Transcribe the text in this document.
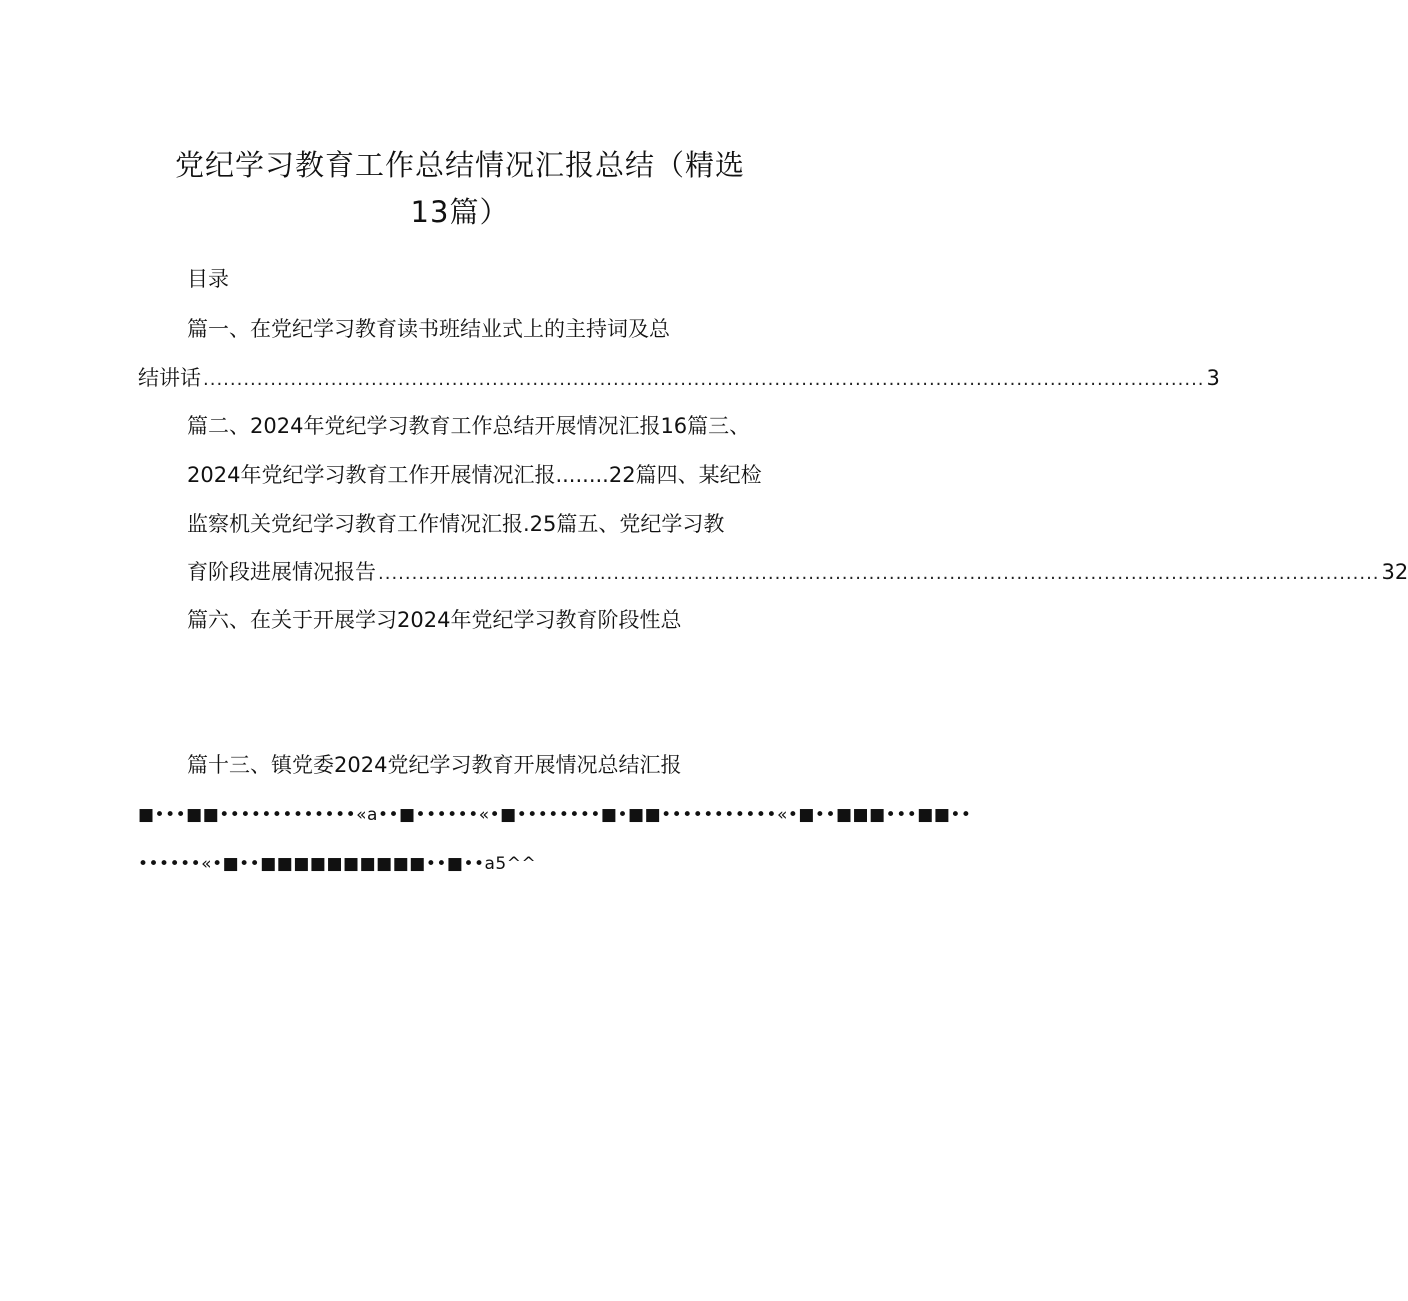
党纪学习教育工作总结情况汇报总结（精选
13篇）
目录
篇一、在党纪学习教育读书班结业式上的主持词及总
结讲话 ..................................................................................................................................................... 3
篇二、2024年党纪学习教育工作总结开展情况汇报16篇三、
2024年党纪学习教育工作开展情况汇报........22篇四、某纪检
监察机关党纪学习教育工作情况汇报.25篇五、党纪学习教
育阶段进展情况报告 ..................................................................................................................................................... 32
篇六、在关于开展学习2024年党纪学习教育阶段性总
篇十三、镇党委2024党纪学习教育开展情况总结汇报
■•••■■•••••••••••••«a••■••••••«•■••••••••■•■■•••••••••••«•■••■■■•••■■••
••••••«•■••■■■■■■■■■■••■••a5^^
